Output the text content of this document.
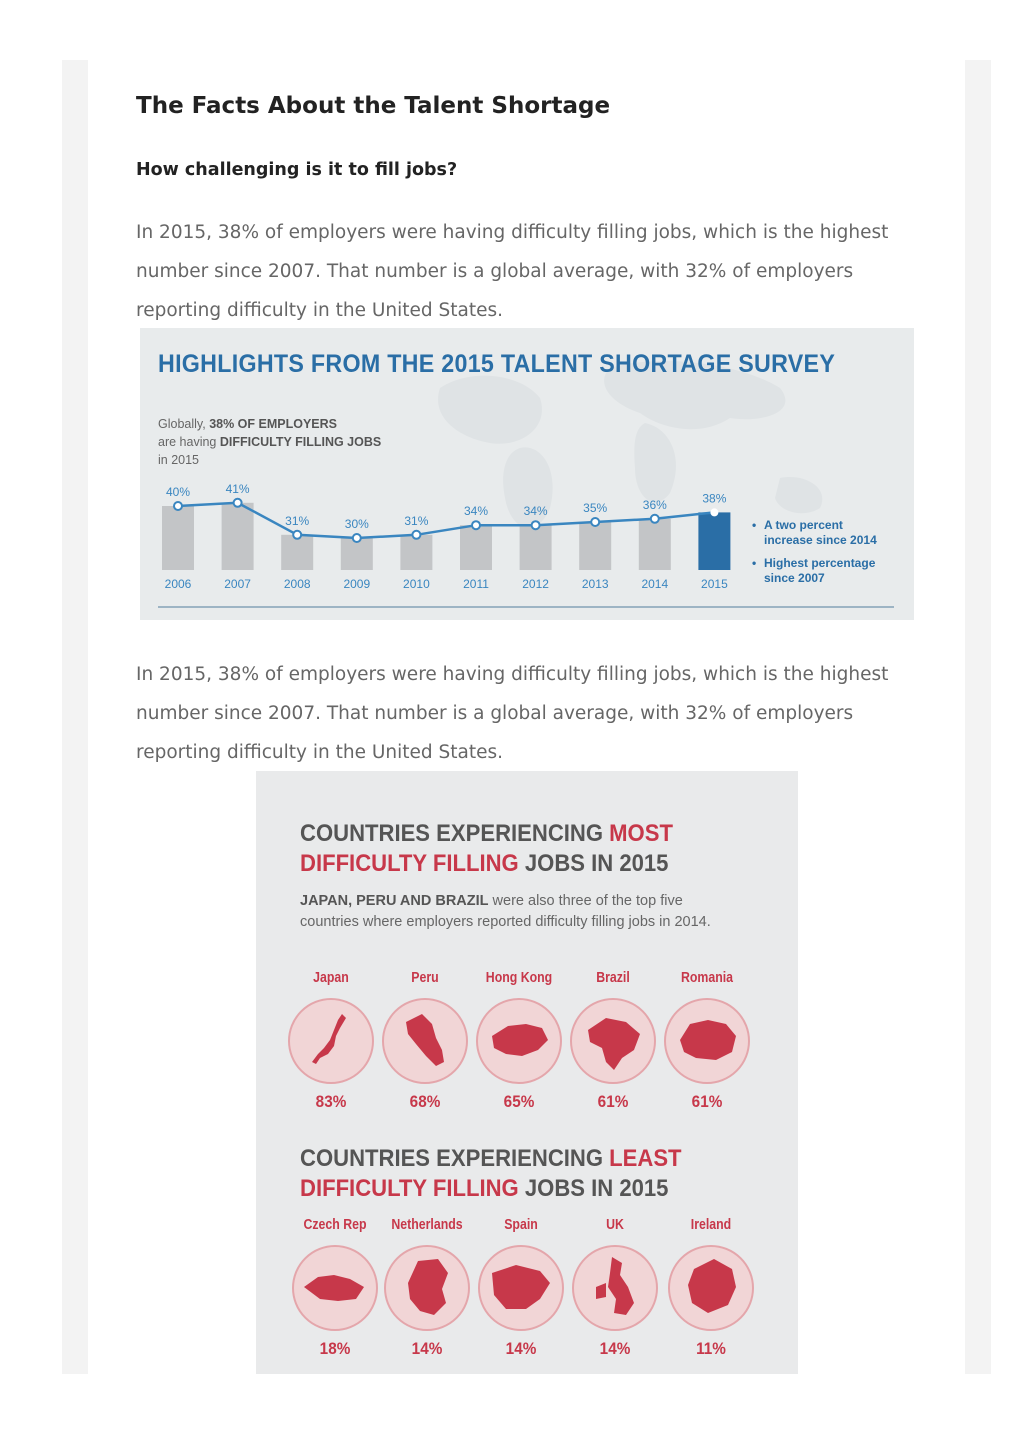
The Facts About the Talent Shortage
How challenging is it to fill jobs?

In 2015, 38% of employers were having difficulty filling jobs, which is the highest number since 2007. That number is a global average, with 32% of employers reporting difficulty in the United States.

HIGHLIGHTS FROM THE 2015 TALENT SHORTAGE SURVEY
Globally, 38% OF EMPLOYERS
are having DIFFICULTY FILLING JOBS in 2015
2006	2007	2008	2009	2010	2011	2012	2013	2014	2015
40%	41%
31%	30%	31%
34%	34%	35%	36%	38%
• A two percent increase since 2014
• Highest percentage since 2007

In 2015, 38% of employers were having difficulty filling jobs, which is the highest number since 2007. That number is a global average, with 32% of employers reporting difficulty in the United States.

COUNTRIES EXPERIENCING MOST
DIFFICULTY FILLING JOBS IN 2015
JAPAN, PERU AND BRAZIL were also three of the top five countries where employers reported difficulty filling jobs in 2014.
Japan
83%
Peru
68%
Hong Kong
65%
Brazil
61%
Romania
61%
COUNTRIES EXPERIENCING LEAST
DIFFICULTY FILLING JOBS IN 2015
Czech Rep
18%
Netherlands
14%
Spain
14%
UK
14%
Ireland
11%
